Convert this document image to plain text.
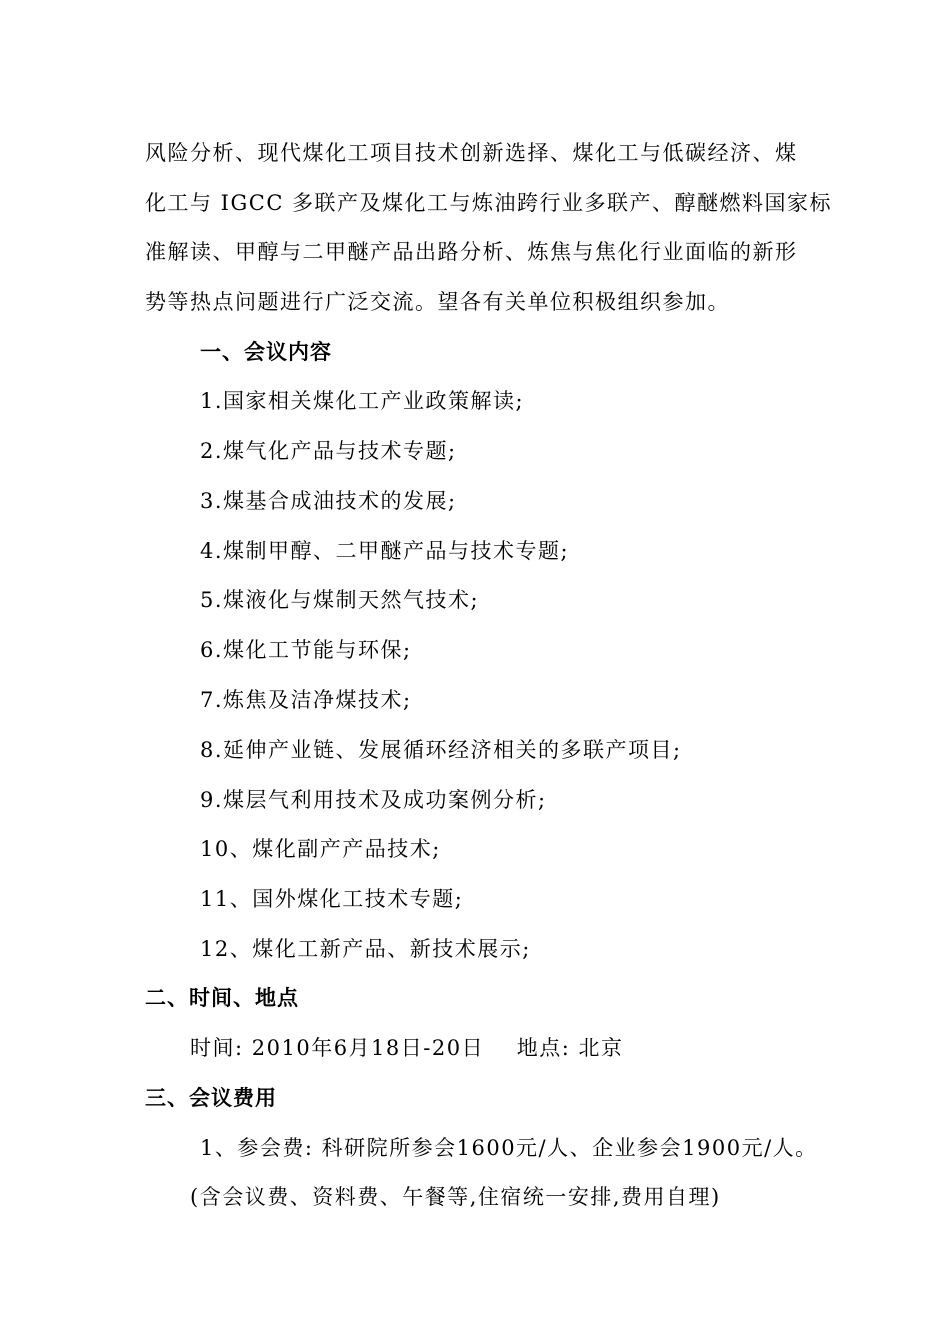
风险分析、现代煤化工项目技术创新选择、煤化工与低碳经济、煤
化工与 IGCC 多联产及煤化工与炼油跨行业多联产、醇醚燃料国家标
准解读、甲醇与二甲醚产品出路分析、炼焦与焦化行业面临的新形
势等热点问题进行广泛交流。望各有关单位积极组织参加。
一、会议内容
1.国家相关煤化工产业政策解读;
2.煤气化产品与技术专题;
3.煤基合成油技术的发展;
4.煤制甲醇、二甲醚产品与技术专题;
5.煤液化与煤制天然气技术;
6.煤化工节能与环保;
7.炼焦及洁净煤技术;
8.延伸产业链、发展循环经济相关的多联产项目;
9.煤层气利用技术及成功案例分析;
10、煤化副产产品技术;
11、国外煤化工技术专题;
12、煤化工新产品、新技术展示;
二、时间、地点
时间: 2010年6月18日-20日    地点: 北京
三、会议费用
1、参会费: 科研院所参会1600元/人、企业参会1900元/人。
(含会议费、资料费、午餐等,住宿统一安排,费用自理)
